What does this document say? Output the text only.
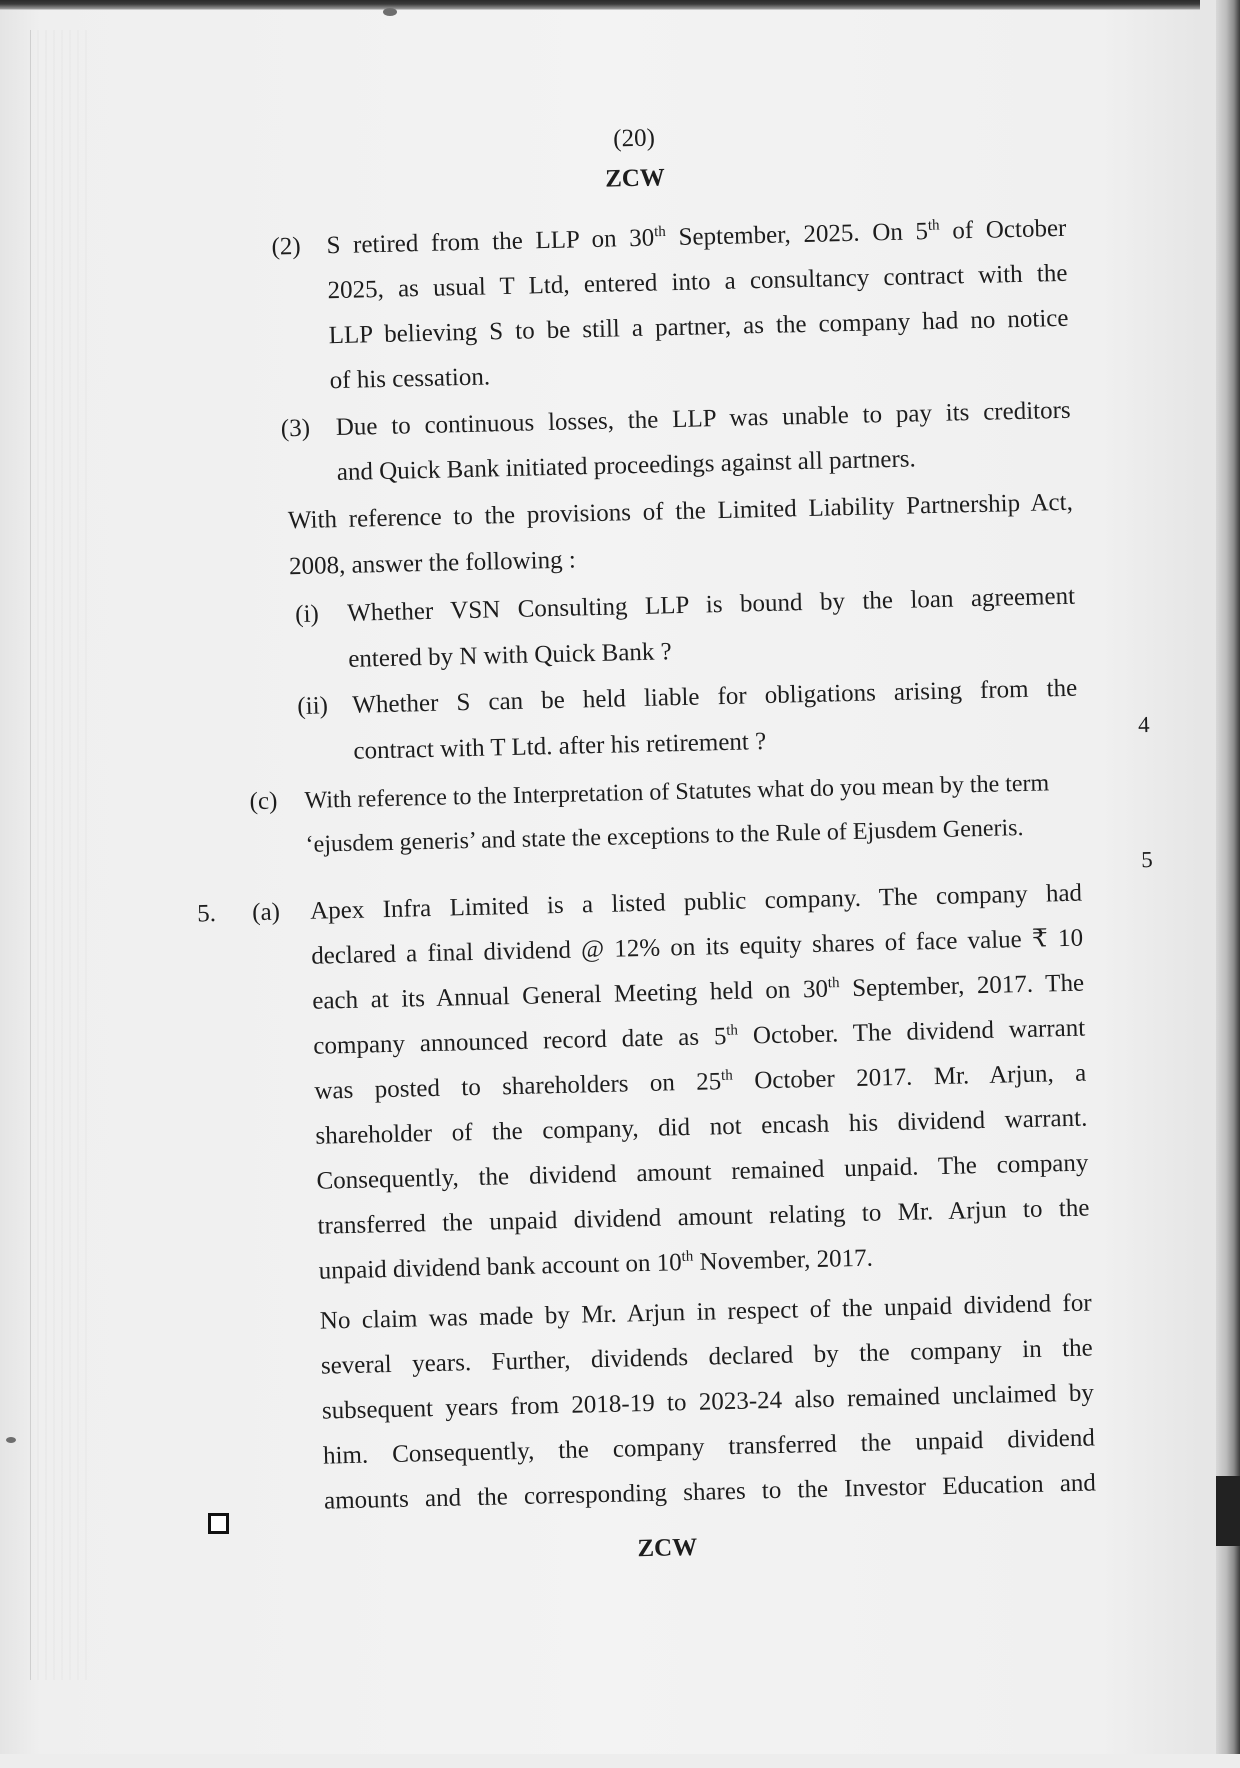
(20)
ZCW
(2) S retired from the LLP on 30th September, 2025. On 5th of October
2025, as usual T Ltd, entered into a consultancy contract with the
LLP believing S to be still a partner, as the company had no notice
of his cessation.
(3) Due to continuous losses, the LLP was unable to pay its creditors
and Quick Bank initiated proceedings against all partners.
With reference to the provisions of the Limited Liability Partnership Act,
2008, answer the following :
(i) Whether VSN Consulting LLP is bound by the loan agreement
entered by N with Quick Bank ?
(ii) Whether S can be held liable for obligations arising from the
contract with T Ltd. after his retirement ?
4
(c) With reference to the Interpretation of Statutes what do you mean by the term
‘ejusdem generis’ and state the exceptions to the Rule of Ejusdem Generis.
5
5. (a) Apex Infra Limited is a listed public company. The company had
declared a final dividend @ 12% on its equity shares of face value ₹ 10
each at its Annual General Meeting held on 30th September, 2017. The
company announced record date as 5th October. The dividend warrant
was posted to shareholders on 25th October 2017. Mr. Arjun, a
shareholder of the company, did not encash his dividend warrant.
Consequently, the dividend amount remained unpaid. The company
transferred the unpaid dividend amount relating to Mr. Arjun to the
unpaid dividend bank account on 10th November, 2017.
No claim was made by Mr. Arjun in respect of the unpaid dividend for
several years. Further, dividends declared by the company in the
subsequent years from 2018-19 to 2023-24 also remained unclaimed by
him. Consequently, the company transferred the unpaid dividend
amounts and the corresponding shares to the Investor Education and
ZCW
